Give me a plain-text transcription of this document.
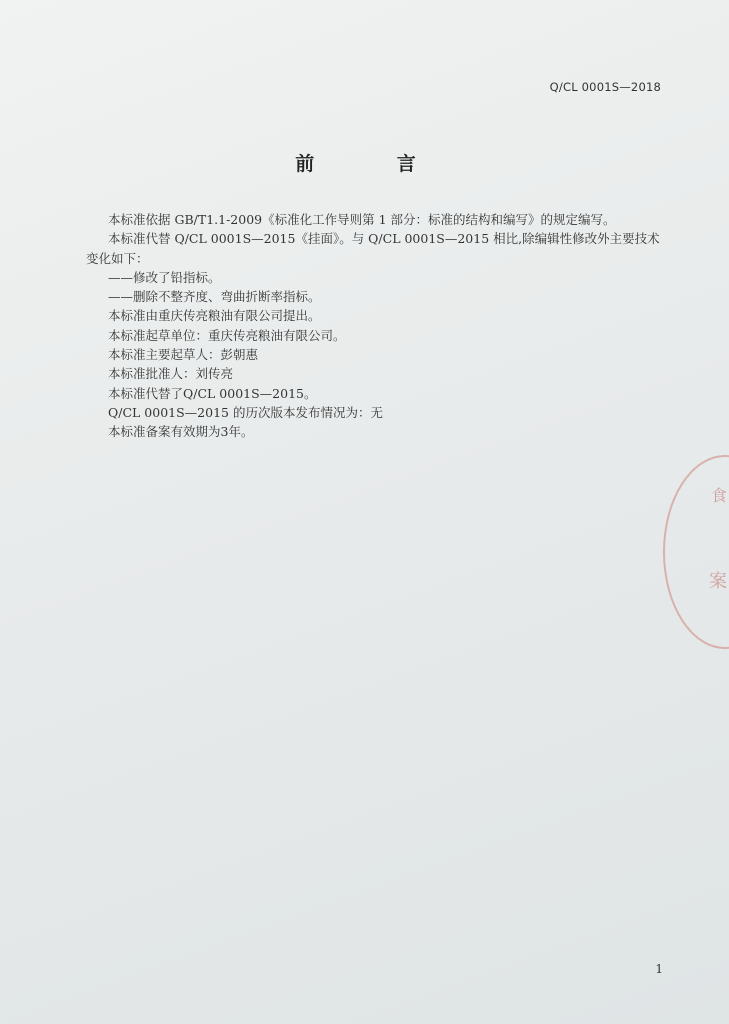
Q/CL 0001S—2018
前 言

本标准依据 GB/T1.1-2009《标准化工作导则第 1 部分：标准的结构和编写》的规定编写。

本标准代替 Q/CL 0001S—2015《挂面》。与 Q/CL 0001S—2015 相比,除编辑性修改外主要技术变化如下：

——修改了铅指标。

——删除不整齐度、弯曲折断率指标。

本标准由重庆传亮粮油有限公司提出。

本标准起草单位：重庆传亮粮油有限公司。

本标准主要起草人：彭朝惠

本标准批准人：刘传亮

本标准代替了Q/CL 0001S—2015。

Q/CL 0001S—2015 的历次版本发布情况为：无

本标准备案有效期为3年。

食
案
1
